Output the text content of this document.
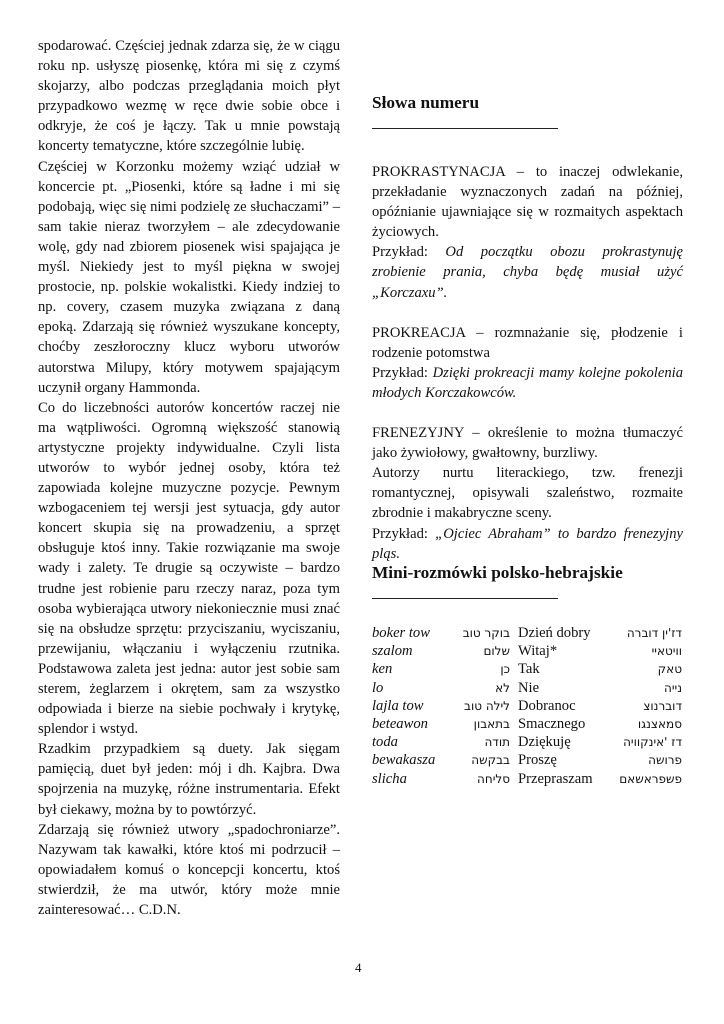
spodarować. Częściej jednak zdarza się, że w ciągu roku np. usłyszę piosenkę, która mi się z czymś skojarzy, albo podczas przeglądania moich płyt przypadkowo wezmę w ręce dwie sobie obce i odkryje, że coś je łączy. Tak u mnie powstają koncerty tematyczne, które szczególnie lubię.

Częściej w Korzonku możemy wziąć udział w koncercie pt. „Piosenki, które są ładne i mi się podobają, więc się nimi podzielę ze słuchaczami” – sam takie nieraz tworzyłem – ale zdecydowanie wolę, gdy nad zbiorem piosenek wisi spajająca je myśl. Niekiedy jest to myśl piękna w swojej prostocie, np. polskie wokalistki. Kiedy indziej to np. covery, czasem muzyka związana z daną epoką. Zdarzają się również wyszukane koncepty, choćby zeszłoroczny klucz wyboru utworów autorstwa Milupy, który motywem spajającym uczynił organy Hammonda.

Co do liczebności autorów koncertów raczej nie ma wątpliwości. Ogromną większość stanowią artystyczne projekty indywidualne. Czyli lista utworów to wybór jednej osoby, która też zapowiada kolejne muzyczne pozycje. Pewnym wzbogaceniem tej wersji jest sytuacja, gdy autor koncert skupia się na prowadzeniu, a sprzęt obsługuje ktoś inny. Takie rozwiązanie ma swoje wady i zalety. Te drugie są oczywiste – bardzo trudne jest robienie paru rzeczy naraz, poza tym osoba wybierająca utwory niekoniecznie musi znać się na obsłudze sprzętu: przyciszaniu, wyciszaniu, przewijaniu, włączaniu i wyłączeniu rzutnika. Podstawowa zaleta jest jedna: autor jest sobie sam sterem, żeglarzem i okrętem, sam za wszystko odpowiada i bierze na siebie pochwały i krytykę, splendor i wstyd.

Rzadkim przypadkiem są duety. Jak sięgam pamięcią, duet był jeden: mój i dh. Kajbra. Dwa spojrzenia na muzykę, różne instrumentaria. Efekt był ciekawy, można by to powtórzyć.

Zdarzają się również utwory „spadochroniarze”. Nazywam tak kawałki, które ktoś mi podrzucił – opowiadałem komuś o koncepcji koncertu, ktoś stwierdził, że ma utwór, który może mnie zainteresować… C.D.N.

Słowa numeru

PROKRASTYNACJA – to inaczej odwlekanie, przekładanie wyznaczonych zadań na później, opóźnianie ujawniające się w rozmaitych aspektach życiowych.

Przykład: Od początku obozu prokrastynuję zrobienie prania, chyba będę musiał użyć „Korczaxu”.

PROKREACJA – rozmnażanie się, płodzenie i rodzenie potomstwa

Przykład: Dzięki prokreacji mamy kolejne pokolenia młodych Korczakowców.

FRENEZYJNY – określenie to można tłumaczyć jako żywiołowy, gwałtowny, burzliwy.

Autorzy nurtu literackiego, tzw. frenezji romantycznej, opisywali szaleństwo, rozmaite zbrodnie i makabryczne sceny.

Przykład: „Ojciec Abraham” to bardzo frenezyjny pląs.

Mini-rozmówki polsko-hebrajskie
boker tow	בוקר טוב Dzień dobry	דז'ין דוברה
szalom	שלום Witaj*	וויטאיי
ken	כן Tak	טאק
lo	לא Nie	נייה
lajla tow	לילה טוב Dobranoc	דוברנוצ
beteawon	בתאבון Smacznego	סמאצנגו
toda	תודה Dziękuję	דז 'אינקוויה
bewakasza	בבקשה Proszę	פרושה
slicha	סליחה Przepraszam	פשפראשאם
4
